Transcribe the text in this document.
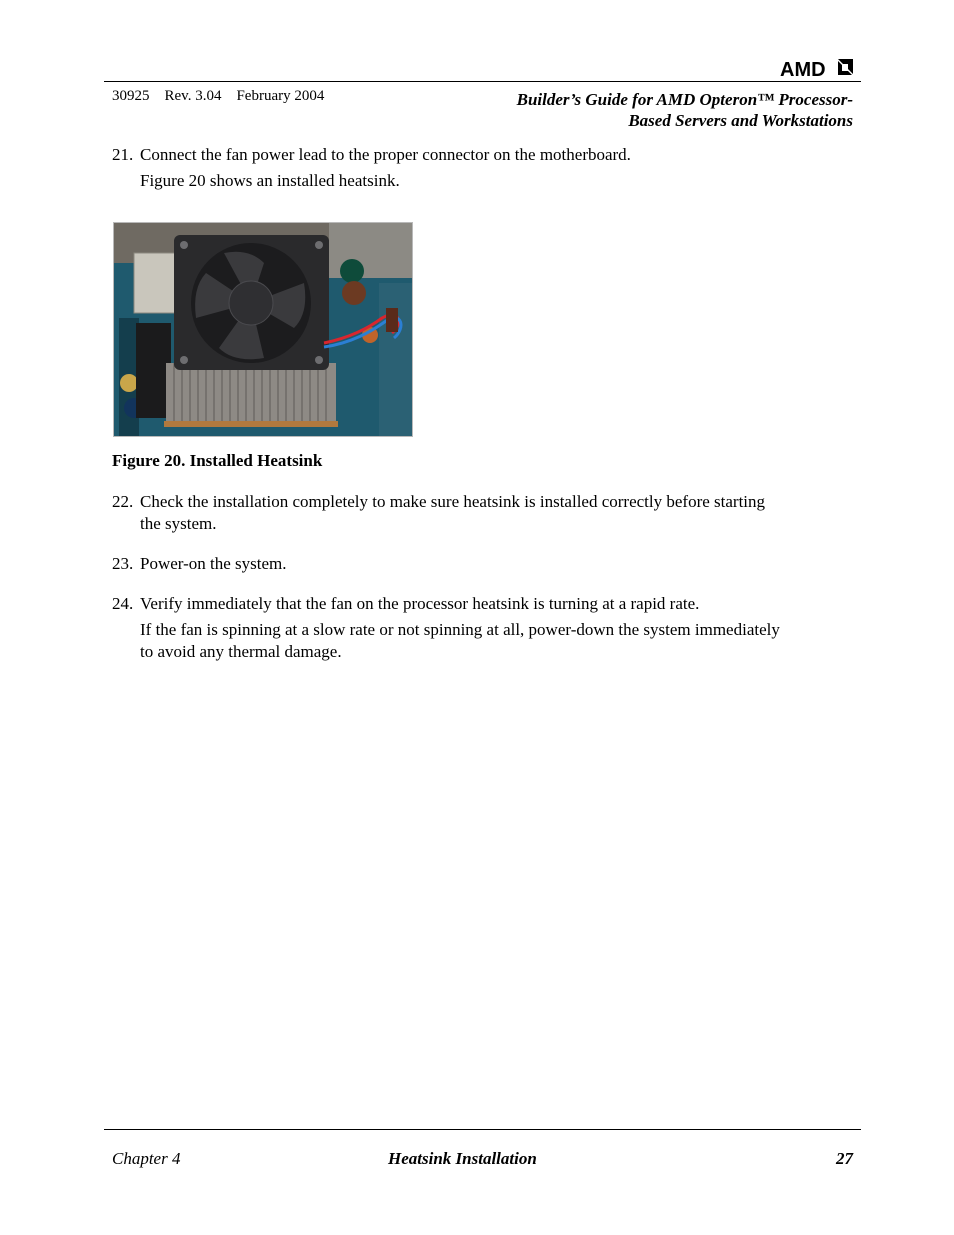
AMD
30925 Rev. 3.04 February 2004	Builder’s Guide for AMD Opteron™ Processor-
Based Servers and Workstations
21. Connect the fan power lead to the proper connector on the motherboard.
Figure 20 shows an installed heatsink.
Figure 20. Installed Heatsink
22. Check the installation completely to make sure heatsink is installed correctly before starting
the system.
23. Power-on the system.
24. Verify immediately that the fan on the processor heatsink is turning at a rapid rate.
If the fan is spinning at a slow rate or not spinning at all, power-down the system immediately
to avoid any thermal damage.
Chapter 4	Heatsink Installation	27
